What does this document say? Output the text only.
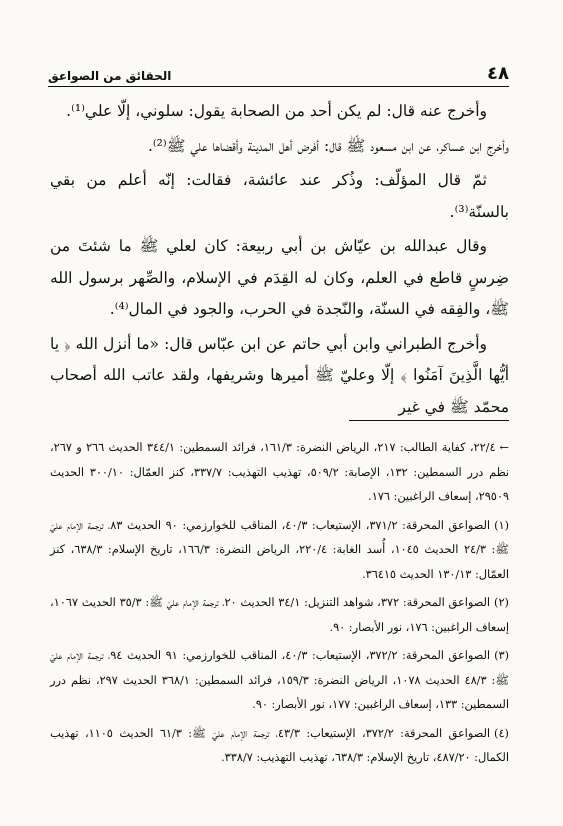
٤٨
الحقائق من الصواعق

وأخرج عنه قال: لم يكن أحد من الصحابة يقول: سلوني، إلّا علي⁽¹⁾.

وأخرج ابن عساكر، عن ابن مسعود ﷺ قال: أفرض أهل المدينة وأقضاها علي ﷺ⁽²⁾.

ثمّ قال المؤلّف: وذُكر عند عائشة، فقالت: إنّه أعلم من بقي بالسنّة⁽³⁾.

وقال عبدالله بن عيّاش بن أبي ربيعة: كان لعلي ﷺ ما شئتَ من ضِرسٍ قاطع في العلم، وكان له القِدَم في الإسلام، والصِّهر برسول الله ﷺ، والفِقه في السنّة، والنّجدة في الحرب، والجود في المال⁽⁴⁾.

وأخرج الطبراني وابن أبي حاتم عن ابن عبّاس قال: «ما أنزل الله ﴿ يا أيُّها الَّذِينَ آمَنُوا ﴾ إلّا وعليّ ﷺ أميرها وشريفها، ولقد عاتب الله أصحاب محمّد ﷺ في غير

←٢٢/٤، كفاية الطالب: ٢١٧، الرياض النضرة: ١٦١/٣، فرائد السمطين: ٣٤٤/١ الحديث ٢٦٦ و ٢٦٧، نظم درر السمطين: ١٣٢، الإصابة: ٥٠٩/٢، تهذيب التهذيب: ٣٣٧/٧، كنز العمّال: ٣٠٠/١٠ الحديث ٢٩٥٠٩، إسعاف الراغبين: ١٧٦.

(١)الصواعق المحرقة: ٣٧١/٢، الإستيعاب: ٤٠/٣، المناقب للخوارزمي: ٩٠ الحديث ٨٣، ترجمة الإمام عليّ ﷺ: ٢٤/٣ الحديث ١٠٤٥، أُسد الغابة: ٢٢٠/٤، الرياض النضرة: ١٦٦/٣، تاريخ الإسلام: ٦٣٨/٣، كنز العمّال: ١٣٠/١٣ الحديث ٣٦٤١٥.

(٢)الصواعق المحرقة: ٣٧٢، شواهد التنزيل: ٣٤/١ الحديث ٢٠، ترجمة الإمام عليّ ﷺ: ٣٥/٣ الحديث ١٠٦٧، إسعاف الراغبين: ١٧٦، نور الأبصار: ٩٠.

(٣)الصواعق المحرقة: ٣٧٢/٢، الإستيعاب: ٤٠/٣، المناقب للخوارزمي: ٩١ الحديث ٩٤، ترجمة الإمام عليّ ﷺ: ٤٨/٣ الحديث ١٠٧٨، الرياض النضرة: ١٥٩/٣، فرائد السمطين: ٣٦٨/١ الحديث ٢٩٧، نظم درر السمطين: ١٣٣، إسعاف الراغبين: ١٧٧، نور الأبصار: ٩٠.

(٤)الصواعق المحرقة: ٣٧٢/٢، الإستيعاب: ٤٣/٣، ترجمة الإمام عليّ ﷺ: ٦١/٣ الحديث ١١٠٥، تهذيب الكمال: ٤٨٧/٢٠، تاريخ الإسلام: ٦٣٨/٣، تهذيب التهذيب: ٣٣٨/٧.
